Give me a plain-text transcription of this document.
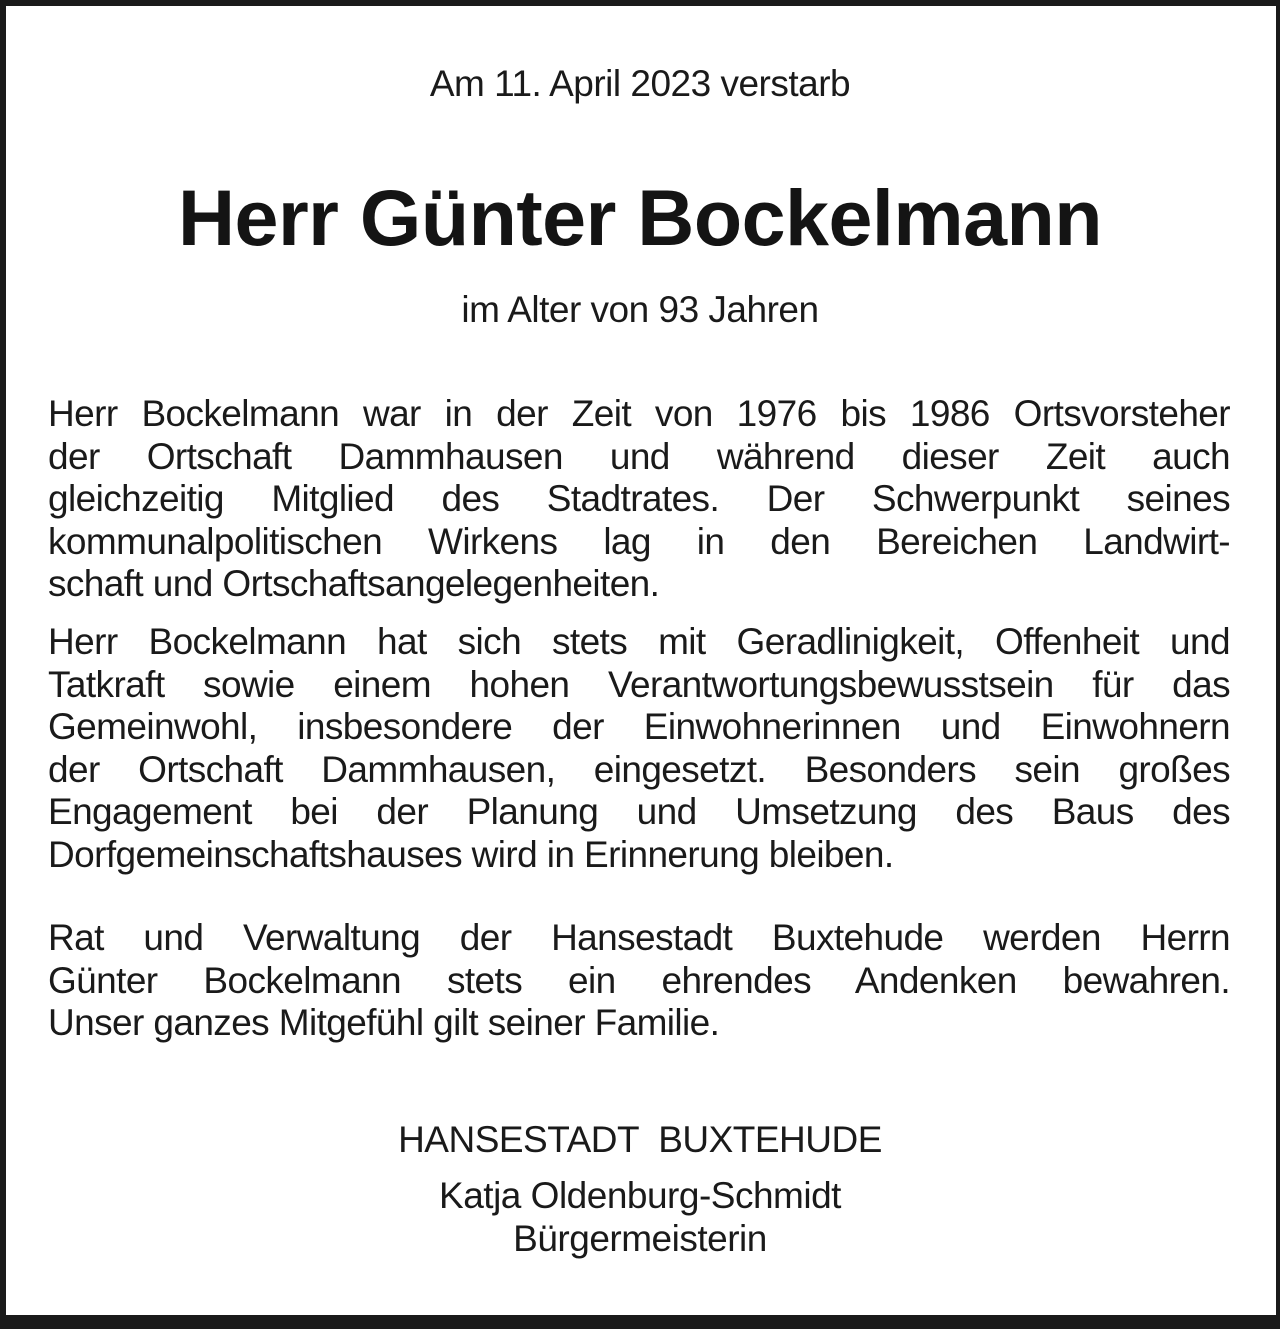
Am 11. April 2023 verstarb
Herr Günter Bockelmann
im Alter von 93 Jahren
Herr Bockelmann war in der Zeit von 1976 bis 1986 Ortsvorsteher
der Ortschaft Dammhausen und während dieser Zeit auch
gleichzeitig Mitglied des Stadtrates. Der Schwerpunkt seines
kommunalpolitischen Wirkens lag in den Bereichen Landwirt-
schaft und Ortschaftsangelegenheiten.
Herr Bockelmann hat sich stets mit Geradlinigkeit, Offenheit und
Tatkraft sowie einem hohen Verantwortungsbewusstsein für das
Gemeinwohl, insbesondere der Einwohnerinnen und Einwohnern
der Ortschaft Dammhausen, eingesetzt. Besonders sein großes
Engagement bei der Planung und Umsetzung des Baus des
Dorfgemeinschaftshauses wird in Erinnerung bleiben.
Rat und Verwaltung der Hansestadt Buxtehude werden Herrn
Günter Bockelmann stets ein ehrendes Andenken bewahren.
Unser ganzes Mitgefühl gilt seiner Familie.
HANSESTADT BUXTEHUDE
Katja Oldenburg-Schmidt
Bürgermeisterin
